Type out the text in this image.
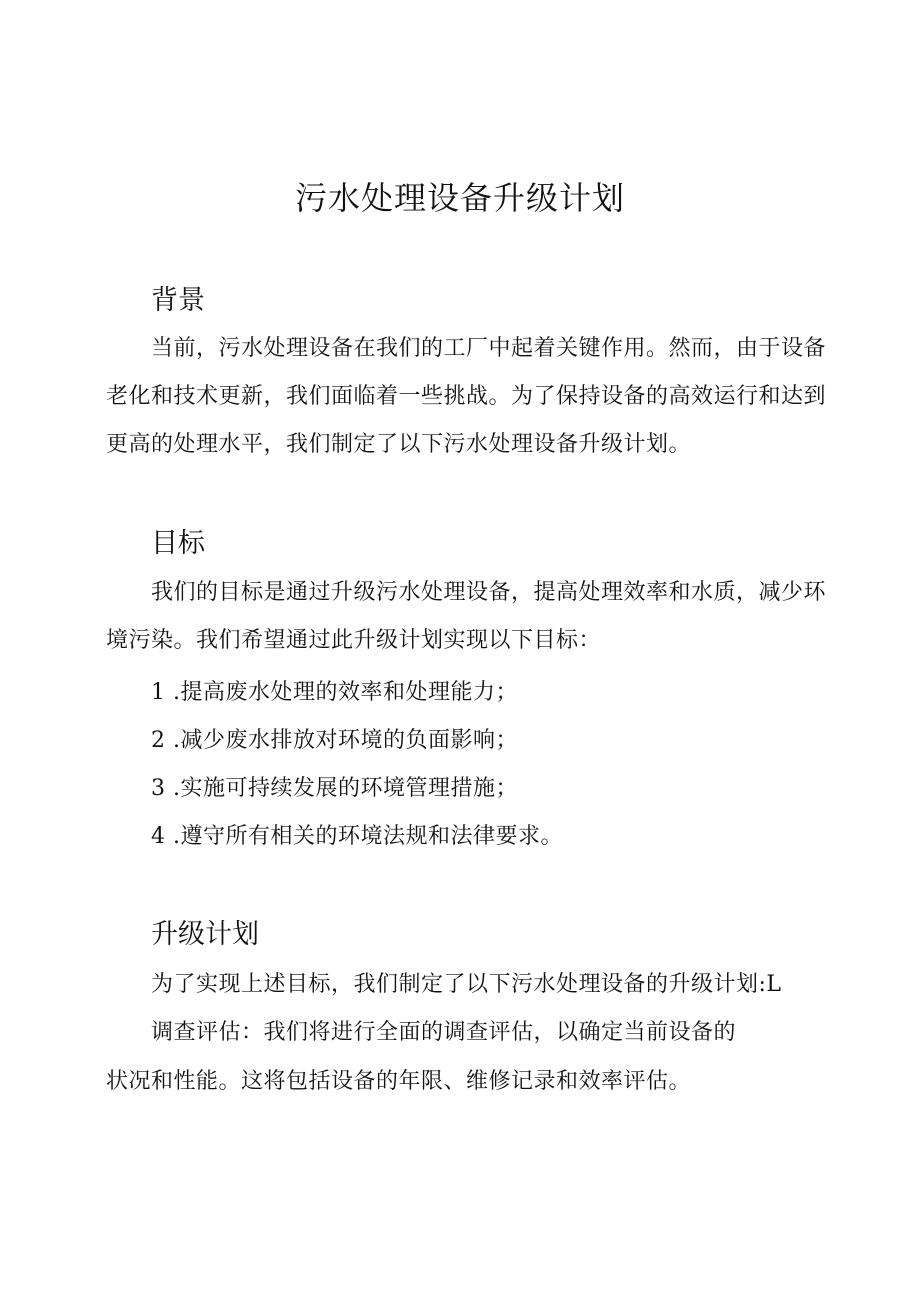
污水处理设备升级计划
背景

当前，污水处理设备在我们的工厂中起着关键作用。然而，由于设备老化和技术更新，我们面临着一些挑战。为了保持设备的高效运行和达到更高的处理水平，我们制定了以下污水处理设备升级计划。

目标

我们的目标是通过升级污水处理设备，提高处理效率和水质，减少环境污染。我们希望通过此升级计划实现以下目标：

1 .提高废水处理的效率和处理能力；
2 .减少废水排放对环境的负面影响；
3 .实施可持续发展的环境管理措施；
4 .遵守所有相关的环境法规和法律要求。
升级计划

为了实现上述目标，我们制定了以下污水处理设备的升级计划:L

调查评估：我们将进行全面的调查评估，以确定当前设备的

状况和性能。这将包括设备的年限、维修记录和效率评估。
